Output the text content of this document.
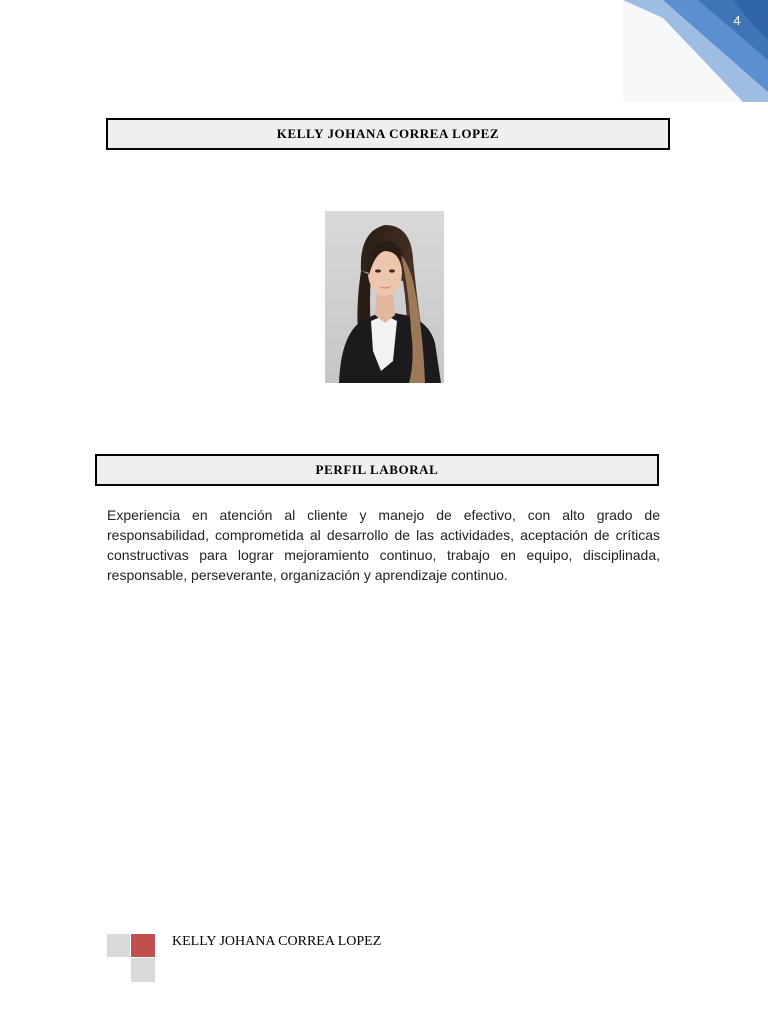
4
KELLY JOHANA CORREA LOPEZ
PERFIL LABORAL

Experiencia en atención al cliente y manejo de efectivo, con alto grado de responsabilidad, comprometida al desarrollo de las actividades, aceptación de críticas constructivas para lograr mejoramiento continuo, trabajo en equipo, disciplinada, responsable, perseverante, organización y aprendizaje continuo.

KELLY JOHANA CORREA LOPEZ
